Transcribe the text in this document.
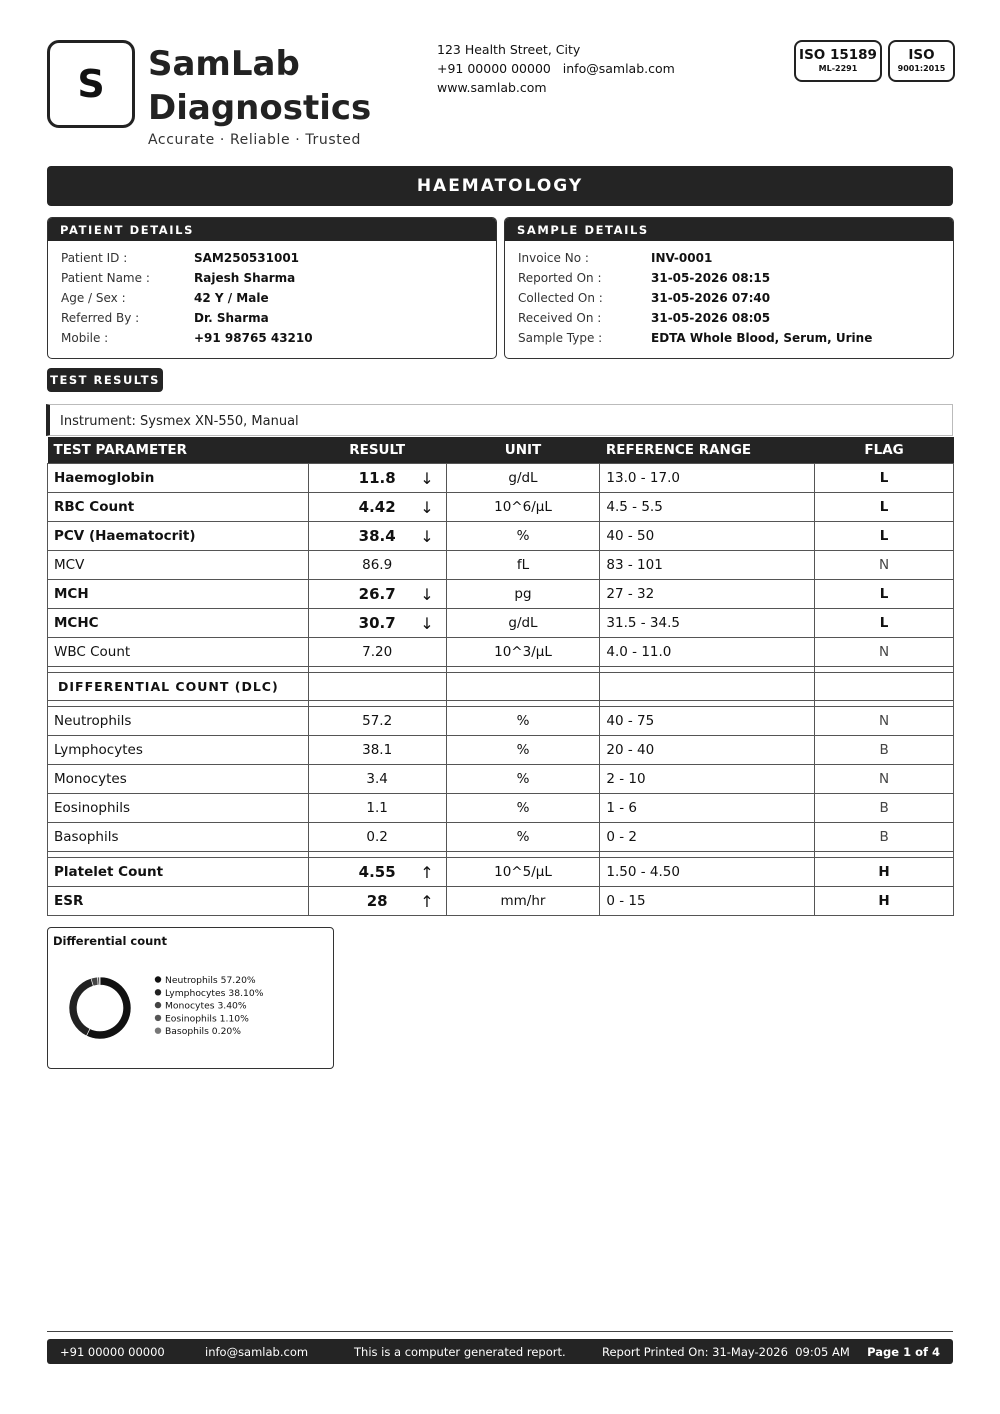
S SamLab
Diagnostics
Accurate · Reliable · Trusted
123 Health Street, City
+91 00000 00000   info@samlab.com
www.samlab.com
ISO 15189
ML-2291
ISO
9001:2015
HAEMATOLOGY
PATIENT DETAILS
Patient ID :	SAM250531001
Patient Name :	Rajesh Sharma
Age / Sex :	42 Y / Male
Referred By :	Dr. Sharma
Mobile :	+91 98765 43210
SAMPLE DETAILS
Invoice No :	INV-0001
Reported On :	31-05-2026 08:15
Collected On :	31-05-2026 07:40
Received On :	31-05-2026 08:05
Sample Type :	EDTA Whole Blood, Serum, Urine
TEST RESULTS
Instrument: Sysmex XN-550, Manual
TEST PARAMETER	RESULT	UNIT	REFERENCE RANGE	FLAG
Haemoglobin	11.8 ↓	g/dL	13.0 - 17.0	L
RBC Count	4.42 ↓	10^6/µL	4.5 - 5.5	L
PCV (Haematocrit)	38.4 ↓	%	40 - 50	L
MCV	86.9	fL	83 - 101	N
MCH	26.7 ↓	pg	27 - 32	L
MCHC	30.7 ↓	g/dL	31.5 - 34.5	L
WBC Count	7.20	10^3/µL	4.0 - 11.0	N

DIFFERENTIAL COUNT (DLC)				

Neutrophils	57.2	%	40 - 75	N
Lymphocytes	38.1	%	20 - 40	B
Monocytes	3.4	%	2 - 10	N
Eosinophils	1.1	%	1 - 6	B
Basophils	0.2	%	0 - 2	B

Platelet Count	4.55 ↑	10^5/µL	1.50 - 4.50	H
ESR	28 ↑	mm/hr	0 - 15	H
Differential count
Neutrophils 57.20%
Lymphocytes 38.10%
Monocytes 3.40%
Eosinophils 1.10%
Basophils 0.20%
+91 00000 00000	info@samlab.com	This is a computer generated report.	Report Printed On: 31-May-2026  09:05 AM Page 1 of 4
